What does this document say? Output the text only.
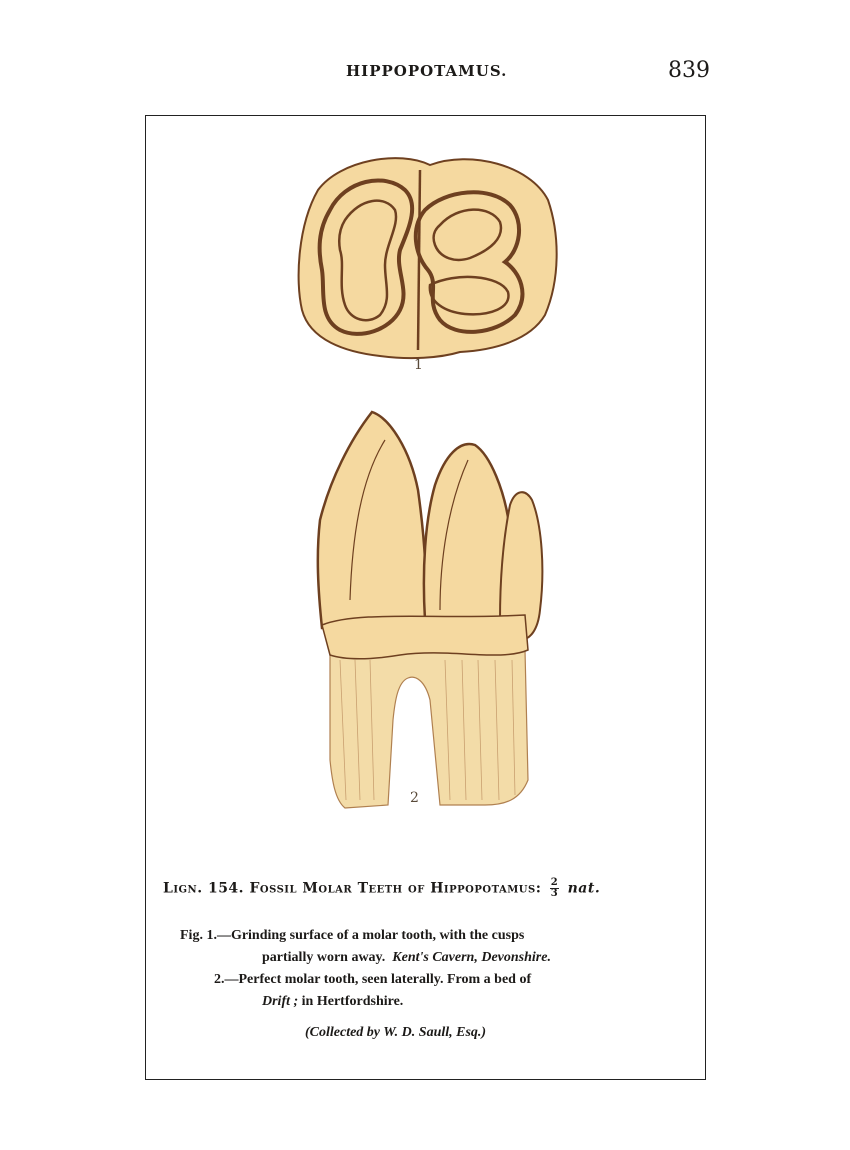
HIPPOPOTAMUS.	839
1
2
Lign. 154. Fossil Molar Teeth of Hippopotamus: $\frac{2}{3}$ nat.
Fig. 1.—Grinding surface of a molar tooth, with the cusps
partially worn away. Kent's Cavern, Devonshire.
2.—Perfect molar tooth, seen laterally. From a bed of
Drift ; in Hertfordshire.
(Collected by W. D. Saull, Esq.)
